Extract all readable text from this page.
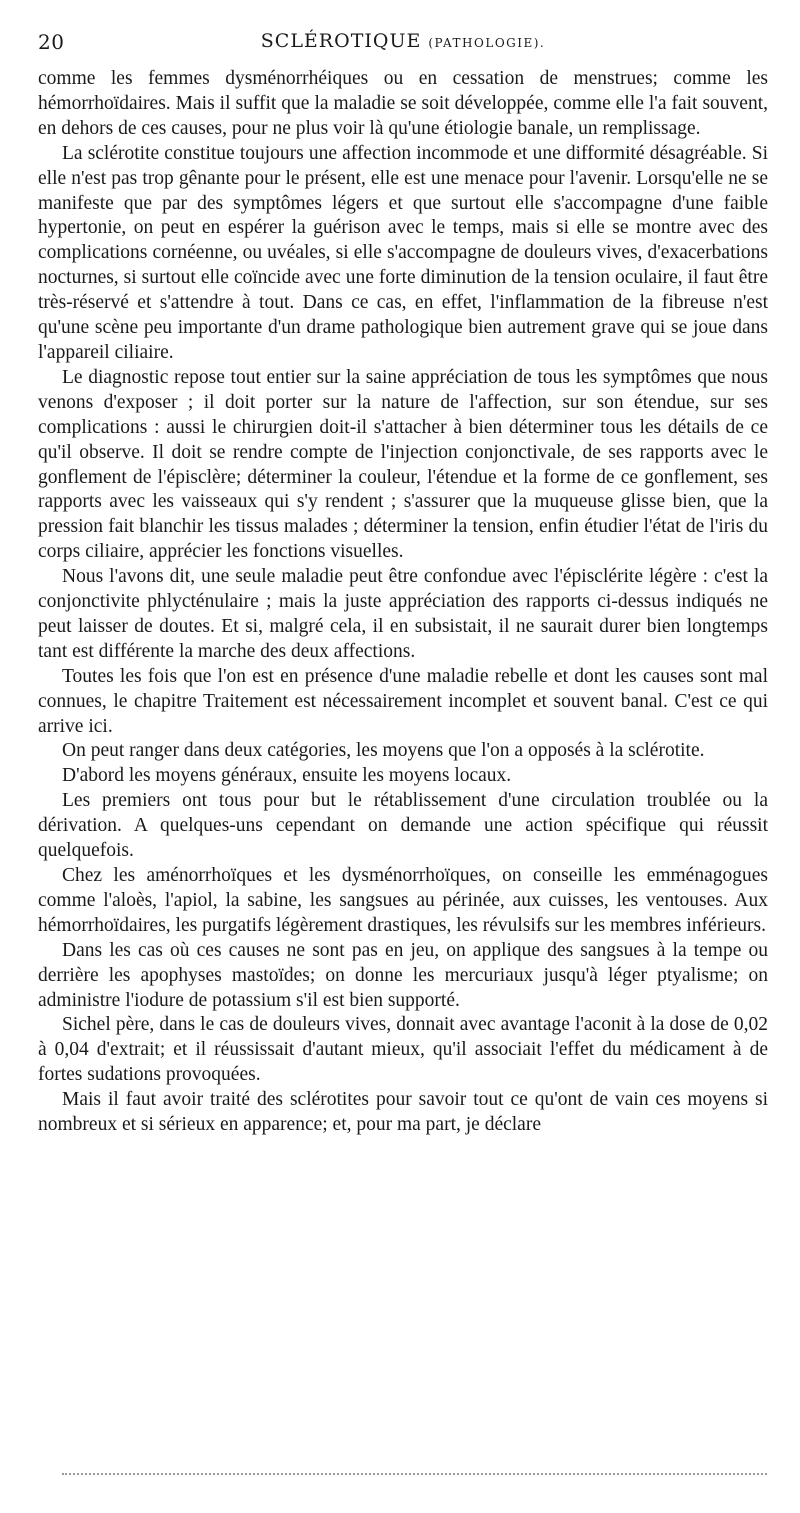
20	SCLÉROTIQUE (PATHOLOGIE).

comme les femmes dysménorrhéiques ou en cessation de menstrues; comme les hémorrhoïdaires. Mais il suffit que la maladie se soit développée, comme elle l'a fait souvent, en dehors de ces causes, pour ne plus voir là qu'une étiologie banale, un remplissage.

La sclérotite constitue toujours une affection incommode et une difformité désagréable. Si elle n'est pas trop gênante pour le présent, elle est une menace pour l'avenir. Lorsqu'elle ne se manifeste que par des symptômes légers et que surtout elle s'accompagne d'une faible hypertonie, on peut en espérer la guérison avec le temps, mais si elle se montre avec des complications cornéenne, ou uvéales, si elle s'accompagne de douleurs vives, d'exacerbations nocturnes, si surtout elle coïncide avec une forte diminution de la tension oculaire, il faut être très-réservé et s'attendre à tout. Dans ce cas, en effet, l'inflammation de la fibreuse n'est qu'une scène peu importante d'un drame pathologique bien autrement grave qui se joue dans l'appareil ciliaire.

Le diagnostic repose tout entier sur la saine appréciation de tous les symptômes que nous venons d'exposer ; il doit porter sur la nature de l'affection, sur son étendue, sur ses complications : aussi le chirurgien doit-il s'attacher à bien déterminer tous les détails de ce qu'il observe. Il doit se rendre compte de l'injection conjonctivale, de ses rapports avec le gonflement de l'épisclère; déterminer la couleur, l'étendue et la forme de ce gonflement, ses rapports avec les vaisseaux qui s'y rendent ; s'assurer que la muqueuse glisse bien, que la pression fait blanchir les tissus malades ; déterminer la tension, enfin étudier l'état de l'iris du corps ciliaire, apprécier les fonctions visuelles.

Nous l'avons dit, une seule maladie peut être confondue avec l'épisclérite légère : c'est la conjonctivite phlycténulaire ; mais la juste appréciation des rapports ci-dessus indiqués ne peut laisser de doutes. Et si, malgré cela, il en subsistait, il ne saurait durer bien longtemps tant est différente la marche des deux affections.

Toutes les fois que l'on est en présence d'une maladie rebelle et dont les causes sont mal connues, le chapitre Traitement est nécessairement incomplet et souvent banal. C'est ce qui arrive ici.

On peut ranger dans deux catégories, les moyens que l'on a opposés à la sclérotite.

D'abord les moyens généraux, ensuite les moyens locaux.

Les premiers ont tous pour but le rétablissement d'une circulation troublée ou la dérivation. A quelques-uns cependant on demande une action spécifique qui réussit quelquefois.

Chez les aménorrhoïques et les dysménorrhoïques, on conseille les emménagogues comme l'aloès, l'apiol, la sabine, les sangsues au périnée, aux cuisses, les ventouses. Aux hémorrhoïdaires, les purgatifs légèrement drastiques, les révulsifs sur les membres inférieurs.

Dans les cas où ces causes ne sont pas en jeu, on applique des sangsues à la tempe ou derrière les apophyses mastoïdes; on donne les mercuriaux jusqu'à léger ptyalisme; on administre l'iodure de potassium s'il est bien supporté.

Sichel père, dans le cas de douleurs vives, donnait avec avantage l'aconit à la dose de 0,02 à 0,04 d'extrait; et il réussissait d'autant mieux, qu'il associait l'effet du médicament à de fortes sudations provoquées.

Mais il faut avoir traité des sclérotites pour savoir tout ce qu'ont de vain ces moyens si nombreux et si sérieux en apparence; et, pour ma part, je déclare
